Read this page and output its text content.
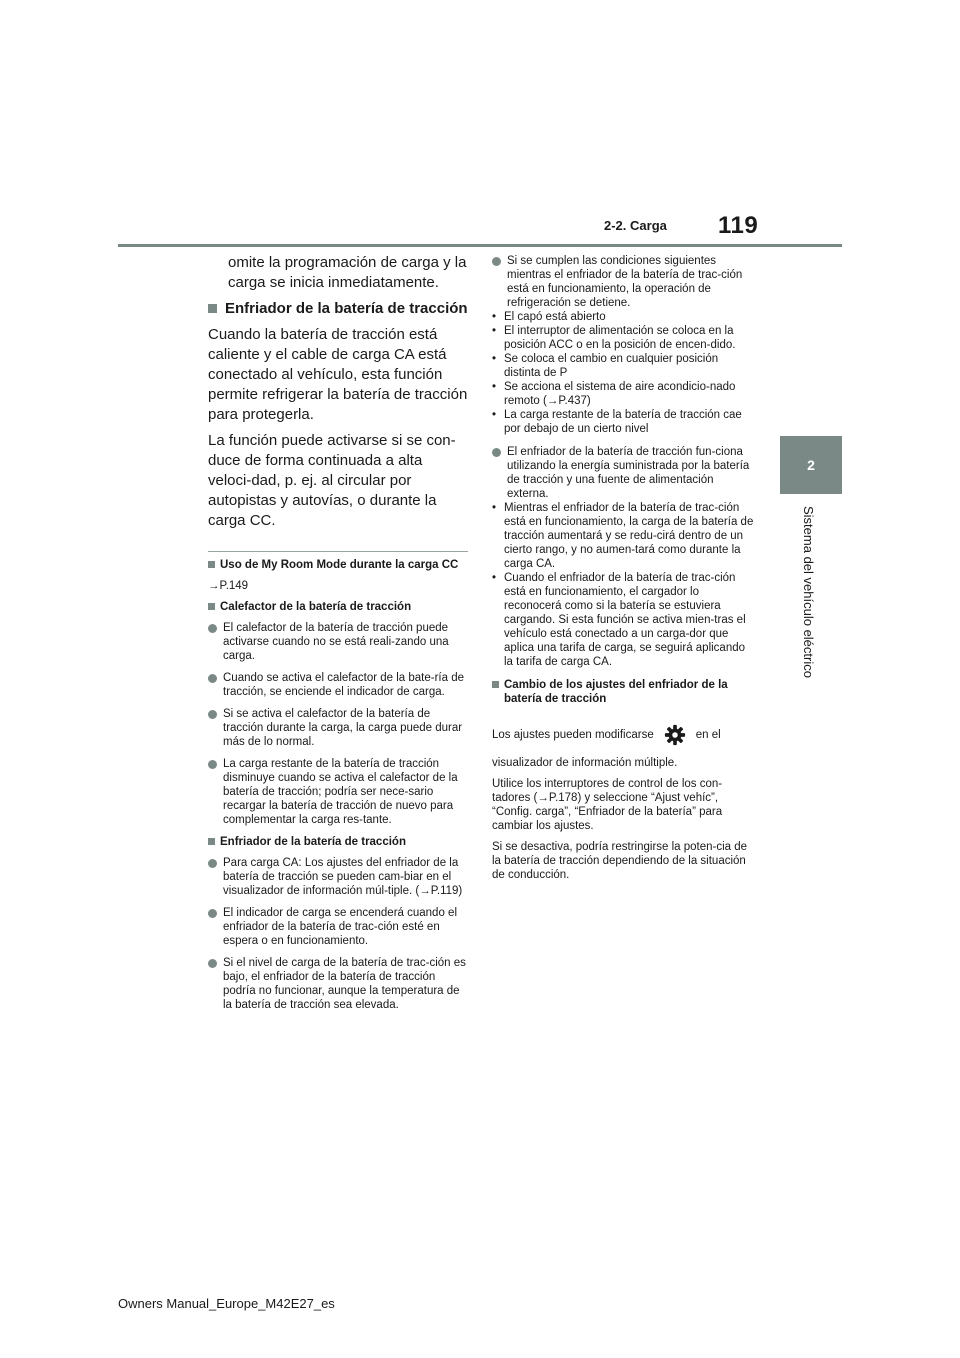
2-2. Carga 119
2
Sistema del vehículo eléctrico

omite la programación de carga y la carga se inicia inmediatamente.

Enfriador de la batería de tracción

Cuando la batería de tracción está caliente y el cable de carga CA está conectado al vehículo, esta función permite refrigerar la batería de tracción para protegerla.

La función puede activarse si se con-duce de forma continuada a alta veloci-dad, p. ej. al circular por autopistas y autovías, o durante la carga CC.

Uso de My Room Mode durante la carga CC

→P.149

Calefactor de la batería de tracción
El calefactor de la batería de tracción puede activarse cuando no se está reali-zando una carga.
Cuando se activa el calefactor de la bate-ría de tracción, se enciende el indicador de carga.
Si se activa el calefactor de la batería de tracción durante la carga, la carga puede durar más de lo normal.
La carga restante de la batería de tracción disminuye cuando se activa el calefactor de la batería de tracción; podría ser nece-sario recargar la batería de tracción de nuevo para complementar la carga res-tante.
Enfriador de la batería de tracción
Para carga CA: Los ajustes del enfriador de la batería de tracción se pueden cam-biar en el visualizador de información múl-tiple. (→P.119)
El indicador de carga se encenderá cuando el enfriador de la batería de trac-ción esté en espera o en funcionamiento.
Si el nivel de carga de la batería de trac-ción es bajo, el enfriador de la batería de tracción podría no funcionar, aunque la temperatura de la batería de tracción sea elevada.
Si se cumplen las condiciones siguientes mientras el enfriador de la batería de trac-ción está en funcionamiento, la operación de refrigeración se detiene.
• El capó está abierto
• El interruptor de alimentación se coloca en la posición ACC o en la posición de encen-dido.
• Se coloca el cambio en cualquier posición distinta de P
• Se acciona el sistema de aire acondicio-nado remoto (→P.437)
• La carga restante de la batería de tracción cae por debajo de un cierto nivel
El enfriador de la batería de tracción fun-ciona utilizando la energía suministrada por la batería de tracción y una fuente de alimentación externa.
• Mientras el enfriador de la batería de trac-ción está en funcionamiento, la carga de la batería de tracción aumentará y se redu-cirá dentro de un cierto rango, y no aumen-tará como durante la carga CA.
• Cuando el enfriador de la batería de trac-ción está en funcionamiento, el cargador lo reconocerá como si la batería se estuviera cargando. Si esta función se activa mien-tras el vehículo está conectado a un carga-dor que aplica una tarifa de carga, se seguirá aplicando la tarifa de carga CA.
Cambio de los ajustes del enfriador de la batería de tracción
Los ajustes pueden modificarse	en el

visualizador de información múltiple.

Utilice los interruptores de control de los con-tadores (→P.178) y seleccione “Ajust vehíc”, “Config. carga”, “Enfriador de la batería” para cambiar los ajustes.

Si se desactiva, podría restringirse la poten-cia de la batería de tracción dependiendo de la situación de conducción.

Owners Manual_Europe_M42E27_es
